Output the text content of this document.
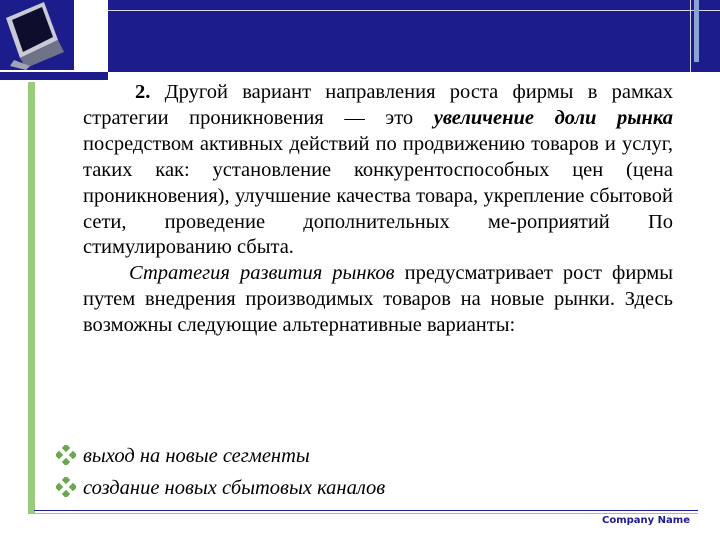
2. Другой вариант направления роста фирмы в рамках стратегии проникновения — это увеличение доли рынка посредством активных действий по продвижению товаров и услуг, таких как: установление конкурентоспособных цен (цена проникновения), улучшение качества товара, укрепление сбытовой сети, проведение дополнительных ме-роприятий По стимулированию сбыта.

Стратегия развития рынков предусматривает рост фирмы путем внедрения производимых товаров на новые рынки. Здесь возможны следующие альтернативные варианты:

выход на новые сегменты
создание новых сбытовых каналов
Company Name
